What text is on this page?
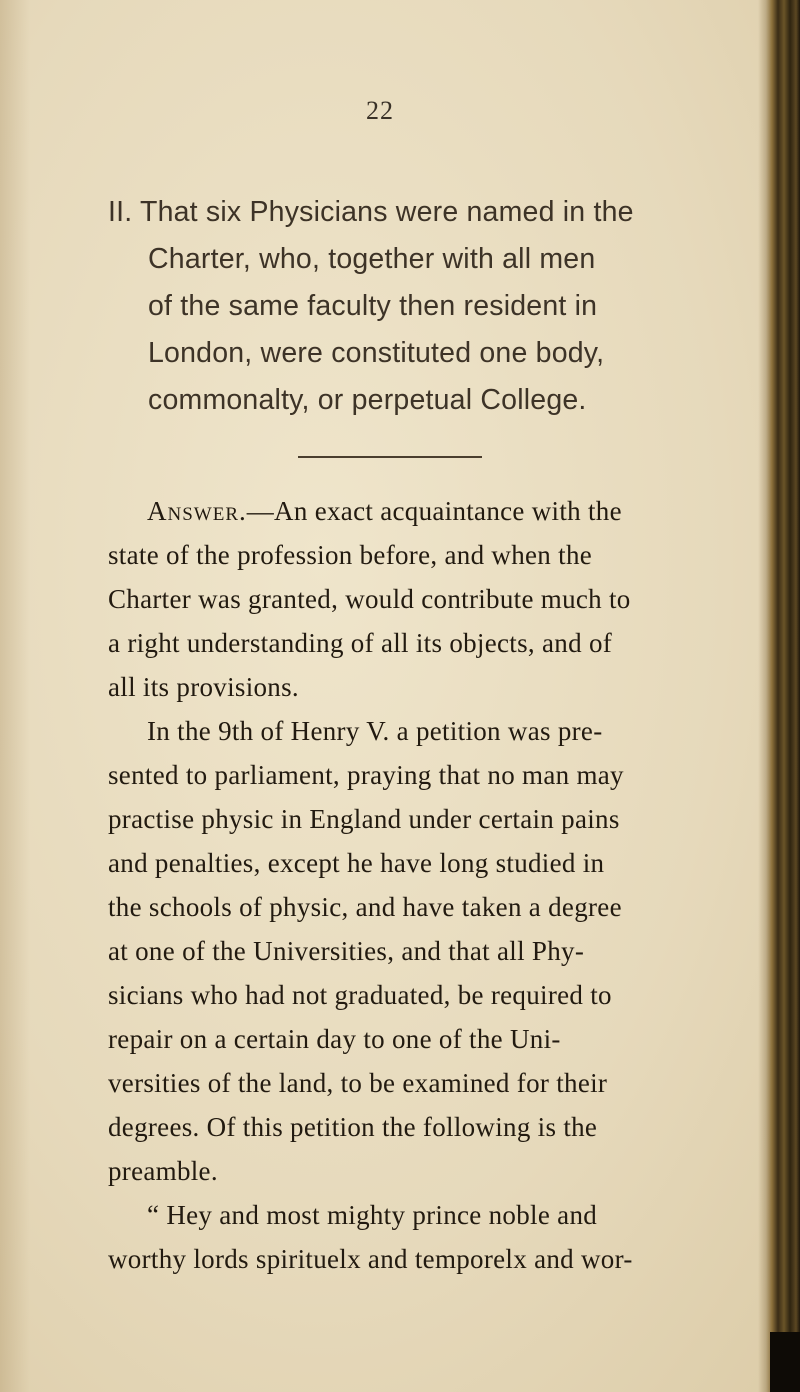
22
II. That six Physicians were named in the
Charter, who, together with all men
of the same faculty then resident in
London, were constituted one body,
commonalty, or perpetual College.
Answer.—An exact acquaintance with the
state of the profession before, and when the
Charter was granted, would contribute much to
a right understanding of all its objects, and of
all its provisions.
In the 9th of Henry V. a petition was pre-
sented to parliament, praying that no man may
practise physic in England under certain pains
and penalties, except he have long studied in
the schools of physic, and have taken a degree
at one of the Universities, and that all Phy-
sicians who had not graduated, be required to
repair on a certain day to one of the Uni-
versities of the land, to be examined for their
degrees. Of this petition the following is the
preamble.
“ Hey and most mighty prince noble and
worthy lords spirituelx and temporelx and wor-
